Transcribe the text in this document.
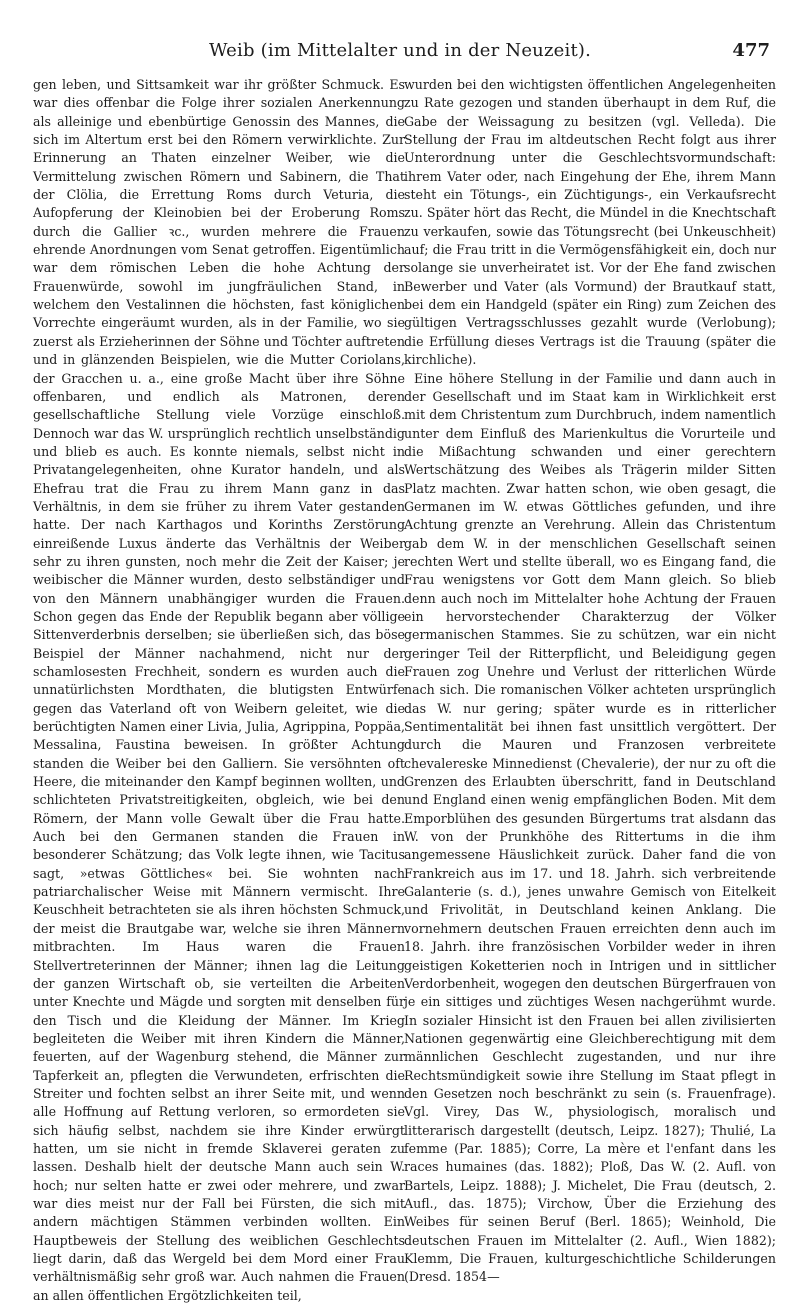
Weib (im Mittelalter und in der Neuzeit).	477

gen leben, und Sittsamkeit war ihr größter Schmuck. Es war dies offenbar die Folge ihrer sozialen Anerkennung als alleinige und ebenbürtige Genossin des Mannes, die sich im Altertum erst bei den Römern verwirklichte. Zur Erinnerung an Thaten einzelner Weiber, wie die Vermittelung zwischen Römern und Sabinern, die That der Clölia, die Errettung Roms durch Veturia, die Aufopferung der Kleinobien bei der Eroberung Roms durch die Gallier ꝛc., wurden mehrere die Frauen ehrende Anordnungen vom Senat getroffen. Eigentümlich war dem römischen Leben die hohe Achtung der Frauenwürde, sowohl im jungfräulichen Stand, in welchem den Vestalinnen die höchsten, fast königlichen Vorrechte eingeräumt wurden, als in der Familie, wo sie zuerst als Erzieherinnen der Söhne und Töchter auftreten und in glänzenden Beispielen, wie die Mutter Coriolans, der Gracchen u. a., eine große Macht über ihre Söhne offenbaren, und endlich als Matronen, deren gesellschaftliche Stellung viele Vorzüge einschloß. Dennoch war das W. ursprünglich rechtlich unselbständig und blieb es auch. Es konnte niemals, selbst nicht in Privatangelegenheiten, ohne Kurator handeln, und als Ehefrau trat die Frau zu ihrem Mann ganz in das Verhältnis, in dem sie früher zu ihrem Vater gestanden hatte. Der nach Karthagos und Korinths Zerstörung einreißende Luxus änderte das Verhältnis der Weiber sehr zu ihren gunsten, noch mehr die Zeit der Kaiser; je weibischer die Männer wurden, desto selbständiger und von den Männern unabhängiger wurden die Frauen. Schon gegen das Ende der Republik begann aber völlige Sittenverderbnis derselben; sie überließen sich, das böse Beispiel der Männer nachahmend, nicht nur der schamlosesten Frechheit, sondern es wurden auch die unnatürlichsten Mordthaten, die blutigsten Entwürfe gegen das Vaterland oft von Weibern geleitet, wie die berüchtigten Namen einer Livia, Julia, Agrippina, Poppäa, Messalina, Faustina beweisen. In größter Achtung standen die Weiber bei den Galliern. Sie versöhnten oft Heere, die miteinander den Kampf beginnen wollten, und schlichteten Privatstreitigkeiten, obgleich, wie bei den Römern, der Mann volle Gewalt über die Frau hatte. Auch bei den Germanen standen die Frauen in besonderer Schätzung; das Volk legte ihnen, wie Tacitus sagt, »etwas Göttliches« bei. Sie wohnten nach patriarchalischer Weise mit Männern vermischt. Ihre Keuschheit betrachteten sie als ihren höchsten Schmuck, der meist die Brautgabe war, welche sie ihren Männern mitbrachten. Im Haus waren die Frauen Stellvertreterinnen der Männer; ihnen lag die Leitung der ganzen Wirtschaft ob, sie verteilten die Arbeiten unter Knechte und Mägde und sorgten mit denselben für den Tisch und die Kleidung der Männer. Im Krieg begleiteten die Weiber mit ihren Kindern die Männer, feuerten, auf der Wagenburg stehend, die Männer zur Tapferkeit an, pflegten die Verwundeten, erfrischten die Streiter und fochten selbst an ihrer Seite mit, und wenn alle Hoffnung auf Rettung verloren, so ermordeten sie sich häufig selbst, nachdem sie ihre Kinder erwürgt hatten, um sie nicht in fremde Sklaverei geraten zu lassen. Deshalb hielt der deutsche Mann auch sein W. hoch; nur selten hatte er zwei oder mehrere, und zwar war dies meist nur der Fall bei Fürsten, die sich mit andern mächtigen Stämmen verbinden wollten. Ein Hauptbeweis der Stellung des weiblichen Geschlechts liegt darin, daß das Wergeld bei dem Mord einer Frau verhältnismäßig sehr groß war. Auch nahmen die Frauen an allen öffentlichen Ergötzlichkeiten teil,

wurden bei den wichtigsten öffentlichen Angelegenheiten zu Rate gezogen und standen überhaupt in dem Ruf, die Gabe der Weissagung zu besitzen (vgl. Velleda). Die Stellung der Frau im altdeutschen Recht folgt aus ihrer Unterordnung unter die Geschlechtsvormundschaft: ihrem Vater oder, nach Eingehung der Ehe, ihrem Mann steht ein Tötungs-, ein Züchtigungs-, ein Verkaufsrecht zu. Später hört das Recht, die Mündel in die Knechtschaft zu verkaufen, sowie das Tötungsrecht (bei Unkeuschheit) auf; die Frau tritt in die Vermögensfähigkeit ein, doch nur solange sie unverheiratet ist. Vor der Ehe fand zwischen Bewerber und Vater (als Vormund) der Brautkauf statt, bei dem ein Handgeld (später ein Ring) zum Zeichen des gültigen Vertragsschlusses gezahlt wurde (Verlobung); die Erfüllung dieses Vertrags ist die Trauung (später die kirchliche).

Eine höhere Stellung in der Familie und dann auch in der Gesellschaft und im Staat kam in Wirklichkeit erst mit dem Christentum zum Durchbruch, indem namentlich unter dem Einfluß des Marienkultus die Vorurteile und die Mißachtung schwanden und einer gerechtern Wertschätzung des Weibes als Trägerin milder Sitten Platz machten. Zwar hatten schon, wie oben gesagt, die Germanen im W. etwas Göttliches gefunden, und ihre Achtung grenzte an Verehrung. Allein das Christentum gab dem W. in der menschlichen Gesellschaft seinen rechten Wert und stellte überall, wo es Eingang fand, die Frau wenigstens vor Gott dem Mann gleich. So blieb denn auch noch im Mittelalter hohe Achtung der Frauen ein hervorstechender Charakterzug der Völker germanischen Stammes. Sie zu schützen, war ein nicht geringer Teil der Ritterpflicht, und Beleidigung gegen Frauen zog Unehre und Verlust der ritterlichen Würde nach sich. Die romanischen Völker achteten ursprünglich das W. nur gering; später wurde es in ritterlicher Sentimentalität bei ihnen fast unsittlich vergöttert. Der durch die Mauren und Franzosen verbreitete chevalereske Minnedienst (Chevalerie), der nur zu oft die Grenzen des Erlaubten überschritt, fand in Deutschland und England einen wenig empfänglichen Boden. Mit dem Emporblühen des gesunden Bürgertums trat alsdann das W. von der Prunkhöhe des Rittertums in die ihm angemessene Häuslichkeit zurück. Daher fand die von Frankreich aus im 17. und 18. Jahrh. sich verbreitende Galanterie (s. d.), jenes unwahre Gemisch von Eitelkeit und Frivolität, in Deutschland keinen Anklang. Die vornehmern deutschen Frauen erreichten denn auch im 18. Jahrh. ihre französischen Vorbilder weder in ihren geistigen Koketterien noch in Intrigen und in sittlicher Verdorbenheit, wogegen den deutschen Bürgerfrauen von je ein sittiges und züchtiges Wesen nachgerühmt wurde. In sozialer Hinsicht ist den Frauen bei allen zivilisierten Nationen gegenwärtig eine Gleichberechtigung mit dem männlichen Geschlecht zugestanden, und nur ihre Rechtsmündigkeit sowie ihre Stellung im Staat pflegt in den Gesetzen noch beschränkt zu sein (s. Frauenfrage). Vgl. Virey, Das W., physiologisch, moralisch und litterarisch dargestellt (deutsch, Leipz. 1827); Thulié, La femme (Par. 1885); Corre, La mère et l'enfant dans les races humaines (das. 1882); Ploß, Das W. (2. Aufl. von Bartels, Leipz. 1888); J. Michelet, Die Frau (deutsch, 2. Aufl., das. 1875); Virchow, Über die Erziehung des Weibes für seinen Beruf (Berl. 1865); Weinhold, Die deutschen Frauen im Mittelalter (2. Aufl., Wien 1882); Klemm, Die Frauen, kulturgeschichtliche Schilderungen (Dresd. 1854—
